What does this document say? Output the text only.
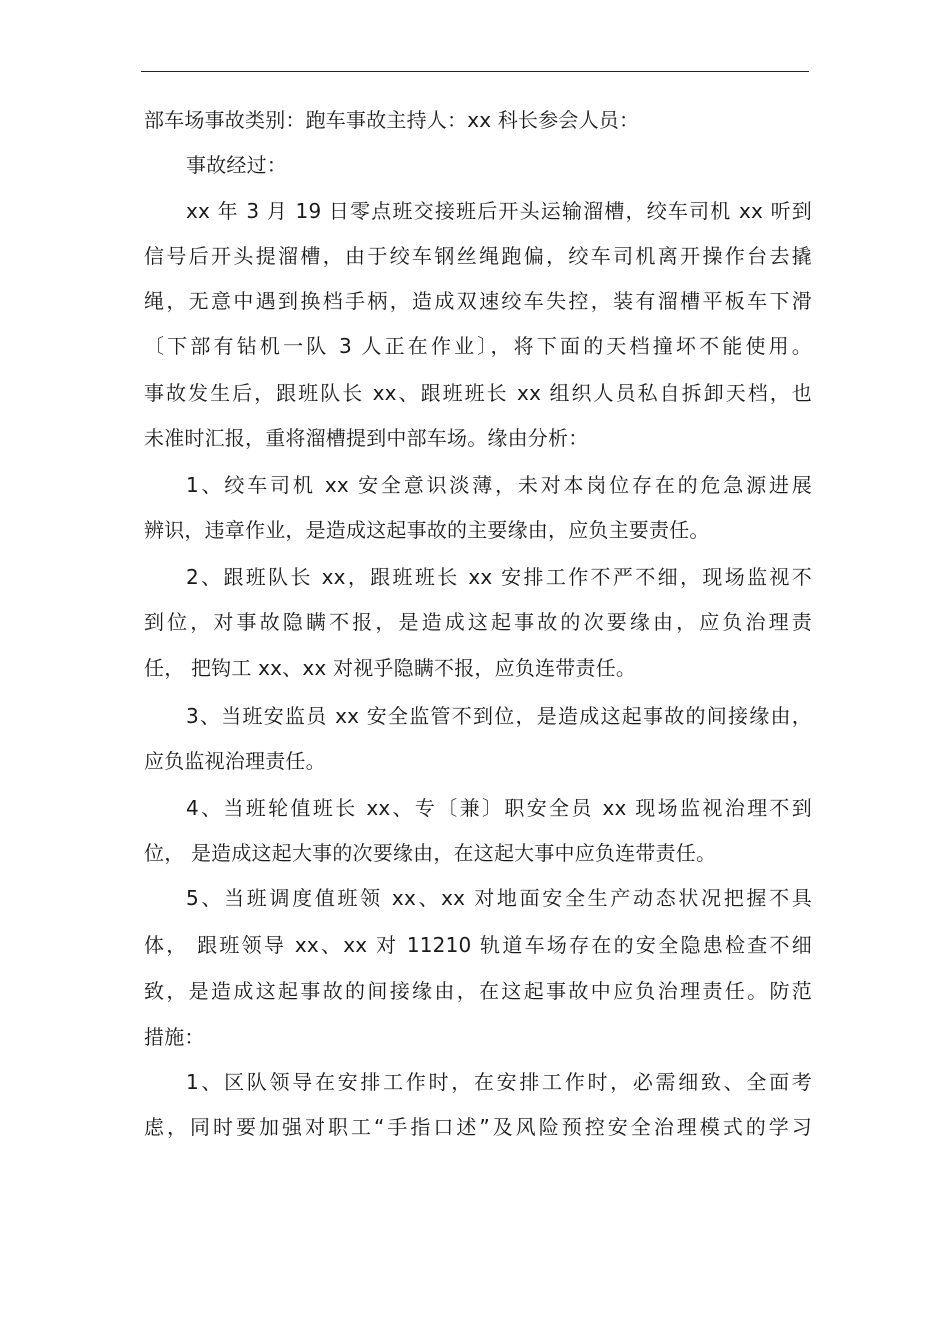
部车场事故类别：跑车事故主持人：xx 科长参会人员：
事故经过：
xx 年 3 月 19 日零点班交接班后开头运输溜槽，绞车司机 xx 听到
信号后开头提溜槽，由于绞车钢丝绳跑偏，绞车司机离开操作台去撬
绳，无意中遇到换档手柄，造成双速绞车失控，装有溜槽平板车下滑
〔下部有钻机一队 3 人正在作业〕，将下面的天档撞坏不能使用。
事故发生后，跟班队长 xx、跟班班长 xx 组织人员私自拆卸天档，也
未准时汇报，重将溜槽提到中部车场。缘由分析：
1、绞车司机 xx 安全意识淡薄，未对本岗位存在的危急源进展
辨识，违章作业，是造成这起事故的主要缘由，应负主要责任。
2、跟班队长 xx，跟班班长 xx 安排工作不严不细，现场监视不
到位，对事故隐瞒不报，是造成这起事故的次要缘由，应负治理责
任， 把钩工 xx、xx 对视乎隐瞒不报，应负连带责任。
3、当班安监员 xx 安全监管不到位，是造成这起事故的间接缘由，
应负监视治理责任。
4、当班轮值班长 xx、专〔兼〕职安全员 xx 现场监视治理不到
位， 是造成这起大事的次要缘由，在这起大事中应负连带责任。
5、当班调度值班领 xx、xx 对地面安全生产动态状况把握不具
体， 跟班领导 xx、xx 对 11210 轨道车场存在的安全隐患检查不细
致，是造成这起事故的间接缘由，在这起事故中应负治理责任。防范
措施：
1、区队领导在安排工作时，在安排工作时，必需细致、全面考
虑，同时要加强对职工“手指口述”及风险预控安全治理模式的学习
